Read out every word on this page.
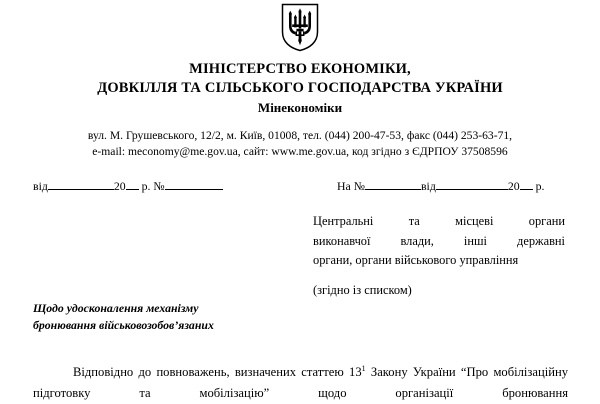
МІНІСТЕРСТВО ЕКОНОМІКИ,
ДОВКІЛЛЯ ТА СІЛЬСЬКОГО ГОСПОДАРСТВА УКРАЇНИ
Мінекономіки
вул. М. Грушевського, 12/2, м. Київ, 01008, тел. (044) 200-47-53, факс (044) 253-63-71,
e-mail: meconomy@me.gov.ua, сайт: www.me.gov.ua, код згідно з ЄДРПОУ 37508596
від	20 р. №	На №	від	20 р.
Центральні та місцеві органи
виконавчої влади, інші державні
органи, органи військового управління
(згідно із списком)
Щодо удосконалення механізму
бронювання військовозобов’язаних
Відповідно до повноважень, визначених статтею $13^1$ Закону України “Про мобілізаційну підготовку та мобілізацію” щодо організації бронювання
